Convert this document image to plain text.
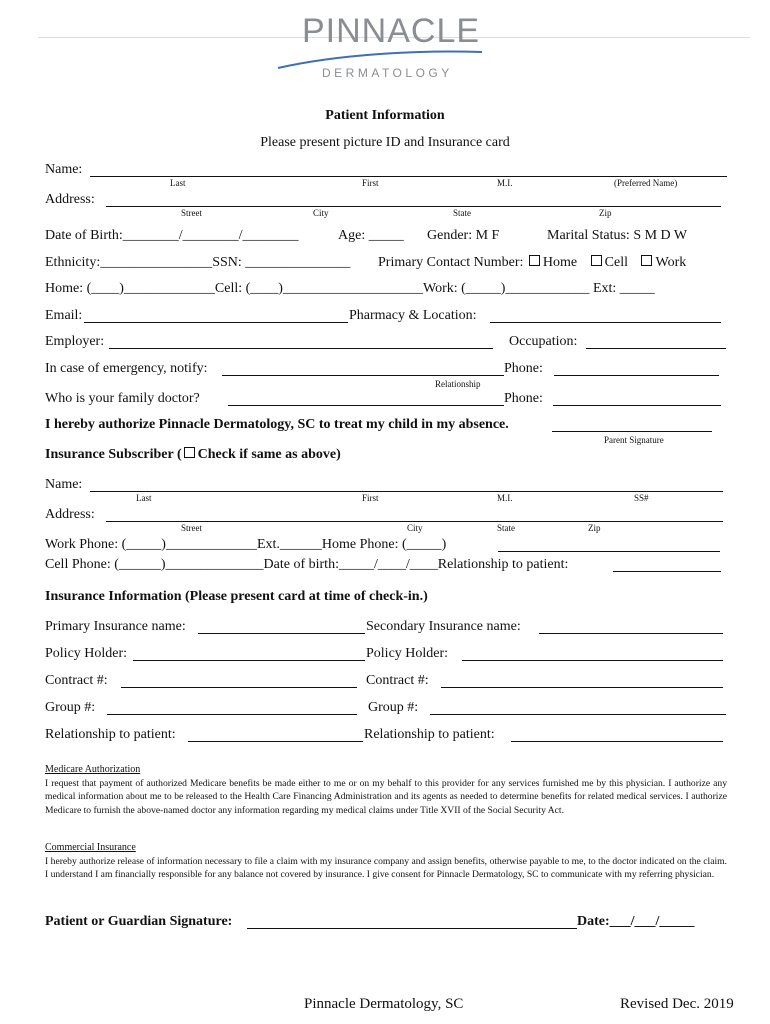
PINNACLE
DERMATOLOGY
Patient Information
Please present picture ID and Insurance card
Name:
Last	First	M.I.	(Preferred Name)
Address:
Street	City	State	Zip
Date of Birth:________/________/________	Age: _____ Gender: M F	Marital Status: S M D W
Ethnicity:________________SSN: _______________ Primary Contact Number: Home Cell Work
Home: (____)_____________Cell: (____)____________________Work: (_____)____________ Ext: _____
Email:	Pharmacy & Location:
Employer:	Occupation:
In case of emergency, notify:	Phone:
Relationship
Who is your family doctor?	Phone:
I hereby authorize Pinnacle Dermatology, SC to treat my child in my absence.
Parent Signature
Insurance Subscriber ( Check if same as above)
Name:
Last	First	M.I.	SS#
Address:
Street	City	State	Zip
Work Phone: (_____)_____________Ext.______Home Phone: (_____)
Cell Phone: (______)______________Date of birth:_____/____/____Relationship to patient:
Insurance Information (Please present card at time of check-in.)
Primary Insurance name:	Secondary Insurance name:
Policy Holder:	Policy Holder:
Contract #:	Contract #:
Group #:	Group #:
Relationship to patient:	Relationship to patient:
Medicare Authorization
I request that payment of authorized Medicare benefits be made either to me or on my behalf to this provider for any services furnished me by this physician. I authorize any medical information about me to be released to the Health Care Financing Administration and its agents as needed to determine benefits for related medical services. I authorize Medicare to furnish the above-named doctor any information regarding my medical claims under Title XVII of the Social Security Act.
Commercial Insurance
I hereby authorize release of information necessary to file a claim with my insurance company and assign benefits, otherwise payable to me, to the doctor indicated on the claim. I understand I am financially responsible for any balance not covered by insurance. I give consent for Pinnacle Dermatology, SC to communicate with my referring physician.
Patient or Guardian Signature:	Date:___/___/_____
Pinnacle Dermatology, SC	Revised Dec. 2019
